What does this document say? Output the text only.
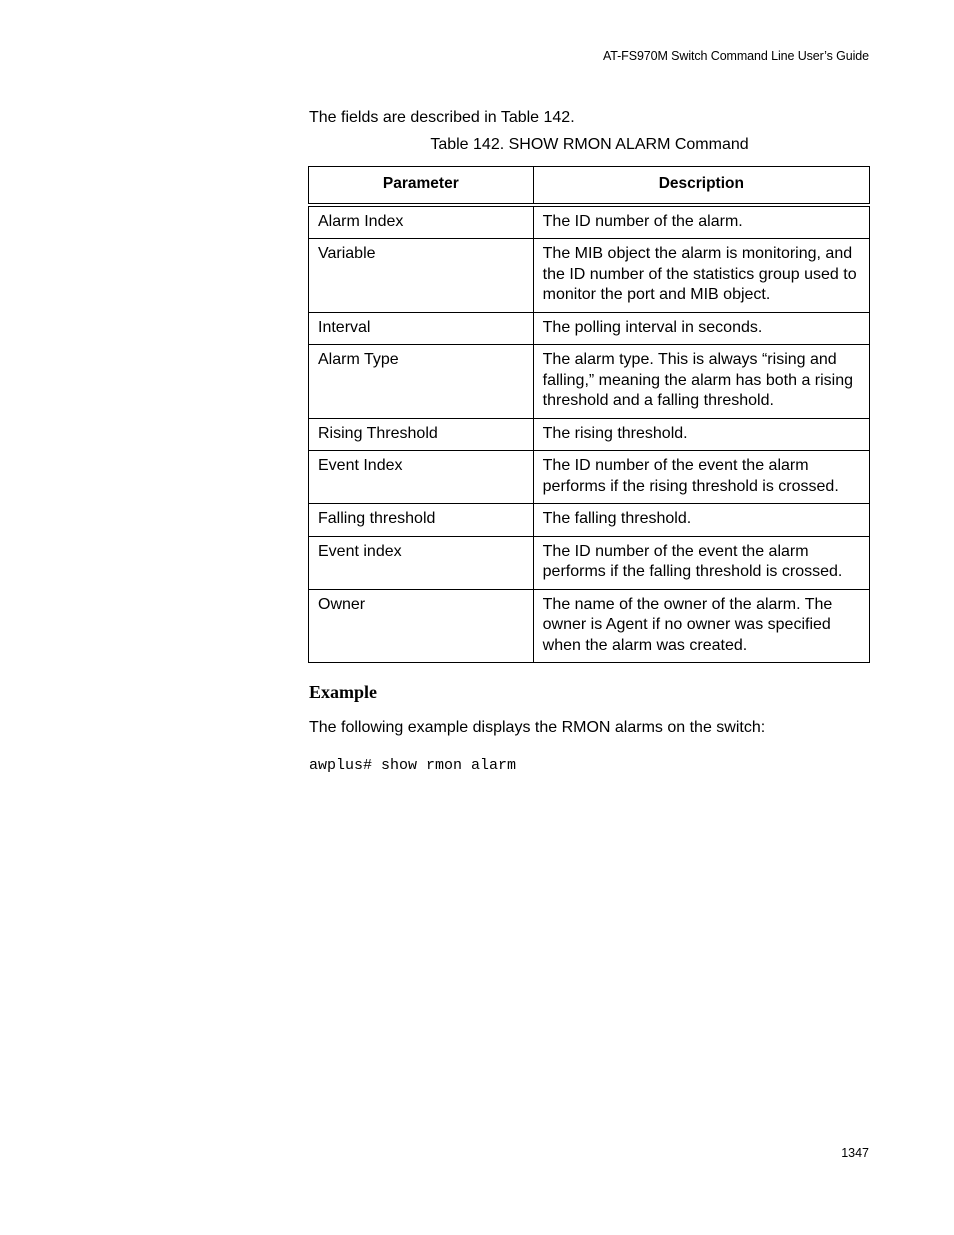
AT-FS970M Switch Command Line User’s Guide
The fields are described in Table 142.
Table 142. SHOW RMON ALARM Command
Parameter	Description
Alarm Index	The ID number of the alarm.
Variable	The MIB object the alarm is monitoring, and the ID number of the statistics group used to monitor the port and MIB object.
Interval	The polling interval in seconds.
Alarm Type	The alarm type. This is always “rising and falling,” meaning the alarm has both a rising threshold and a falling threshold.
Rising Threshold	The rising threshold.
Event Index	The ID number of the event the alarm performs if the rising threshold is crossed.
Falling threshold	The falling threshold.
Event index	The ID number of the event the alarm performs if the falling threshold is crossed.
Owner	The name of the owner of the alarm. The owner is Agent if no owner was specified when the alarm was created.
Example
The following example displays the RMON alarms on the switch:
awplus# show rmon alarm
1347
